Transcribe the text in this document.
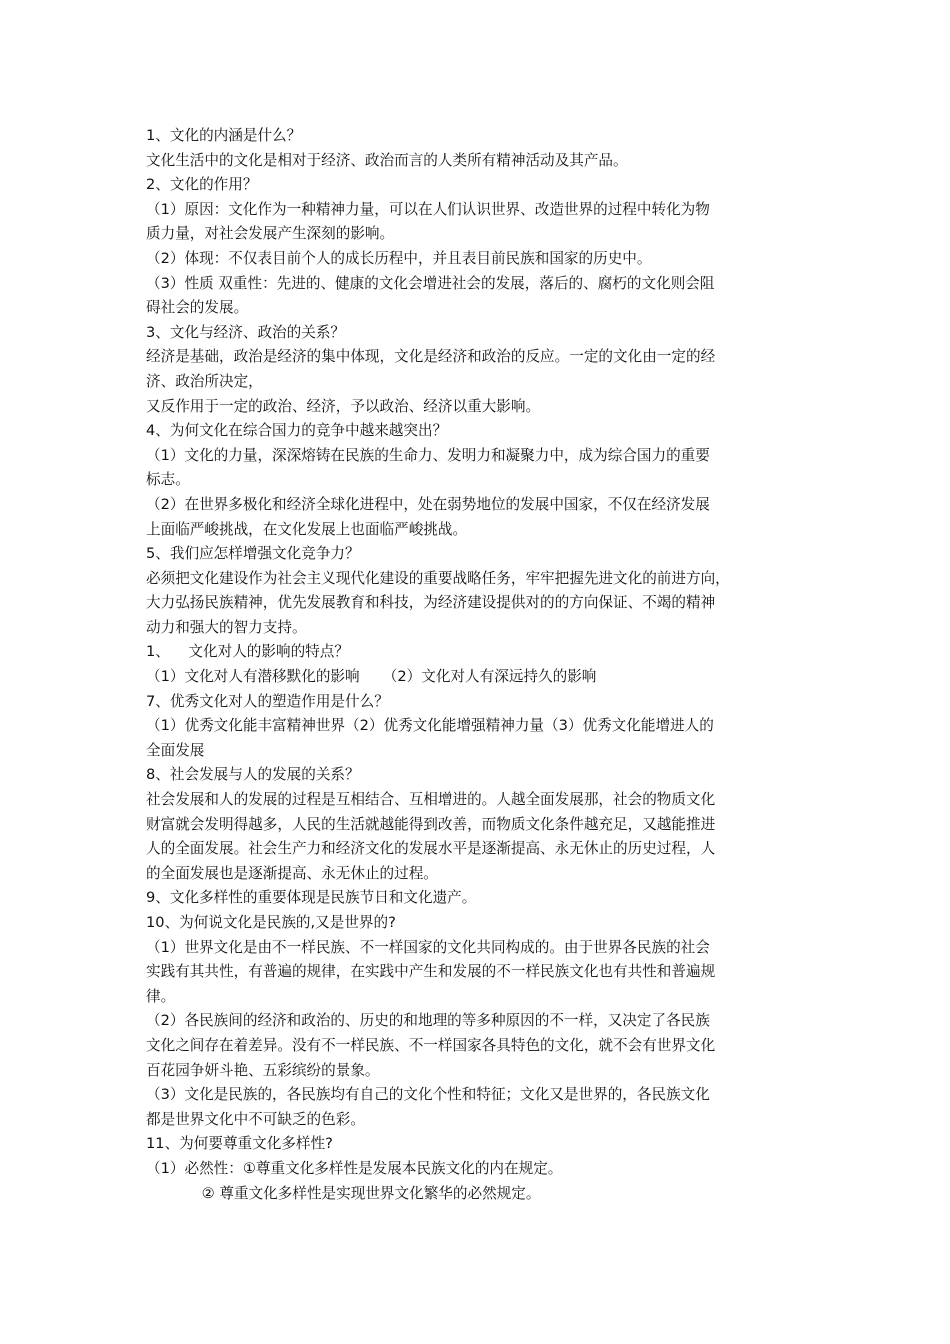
1、文化的内涵是什么？
文化生活中的文化是相对于经济、政治而言的人类所有精神活动及其产品。
2、文化的作用？
（1）原因：文化作为一种精神力量，可以在人们认识世界、改造世界的过程中转化为物
质力量，对社会发展产生深刻的影响。
（2）体现：不仅表目前个人的成长历程中，并且表目前民族和国家的历史中。
（3）性质 双重性：先进的、健康的文化会增进社会的发展，落后的、腐朽的文化则会阻
碍社会的发展。
3、文化与经济、政治的关系？
经济是基础，政治是经济的集中体现，文化是经济和政治的反应。一定的文化由一定的经
济、政治所决定，
又反作用于一定的政治、经济，予以政治、经济以重大影响。
4、为何文化在综合国力的竞争中越来越突出？
（1）文化的力量，深深熔铸在民族的生命力、发明力和凝聚力中，成为综合国力的重要
标志。
（2）在世界多极化和经济全球化进程中，处在弱势地位的发展中国家，不仅在经济发展
上面临严峻挑战，在文化发展上也面临严峻挑战。
5、我们应怎样增强文化竞争力？
必须把文化建设作为社会主义现代化建设的重要战略任务，牢牢把握先进文化的前进方向，
大力弘扬民族精神，优先发展教育和科技，为经济建设提供对的的方向保证、不竭的精神
动力和强大的智力支持。
1、    文化对人的影响的特点？
（1）文化对人有潜移默化的影响     （2）文化对人有深远持久的影响
7、优秀文化对人的塑造作用是什么？
（1）优秀文化能丰富精神世界（2）优秀文化能增强精神力量（3）优秀文化能增进人的
全面发展
8、社会发展与人的发展的关系？
社会发展和人的发展的过程是互相结合、互相增进的。人越全面发展那，社会的物质文化
财富就会发明得越多，人民的生活就越能得到改善，而物质文化条件越充足，又越能推进
人的全面发展。社会生产力和经济文化的发展水平是逐渐提高、永无休止的历史过程，人
的全面发展也是逐渐提高、永无休止的过程。
9、文化多样性的重要体现是民族节日和文化遗产。
10、为何说文化是民族的,又是世界的?
（1）世界文化是由不一样民族、不一样国家的文化共同构成的。由于世界各民族的社会
实践有其共性，有普遍的规律，在实践中产生和发展的不一样民族文化也有共性和普遍规
律。
（2）各民族间的经济和政治的、历史的和地理的等多种原因的不一样，又决定了各民族
文化之间存在着差异。没有不一样民族、不一样国家各具特色的文化，就不会有世界文化
百花园争妍斗艳、五彩缤纷的景象。
（3）文化是民族的，各民族均有自己的文化个性和特征；文化又是世界的，各民族文化
都是世界文化中不可缺乏的色彩。
11、为何要尊重文化多样性?
（1）必然性：①尊重文化多样性是发展本民族文化的内在规定。
② 尊重文化多样性是实现世界文化繁华的必然规定。
